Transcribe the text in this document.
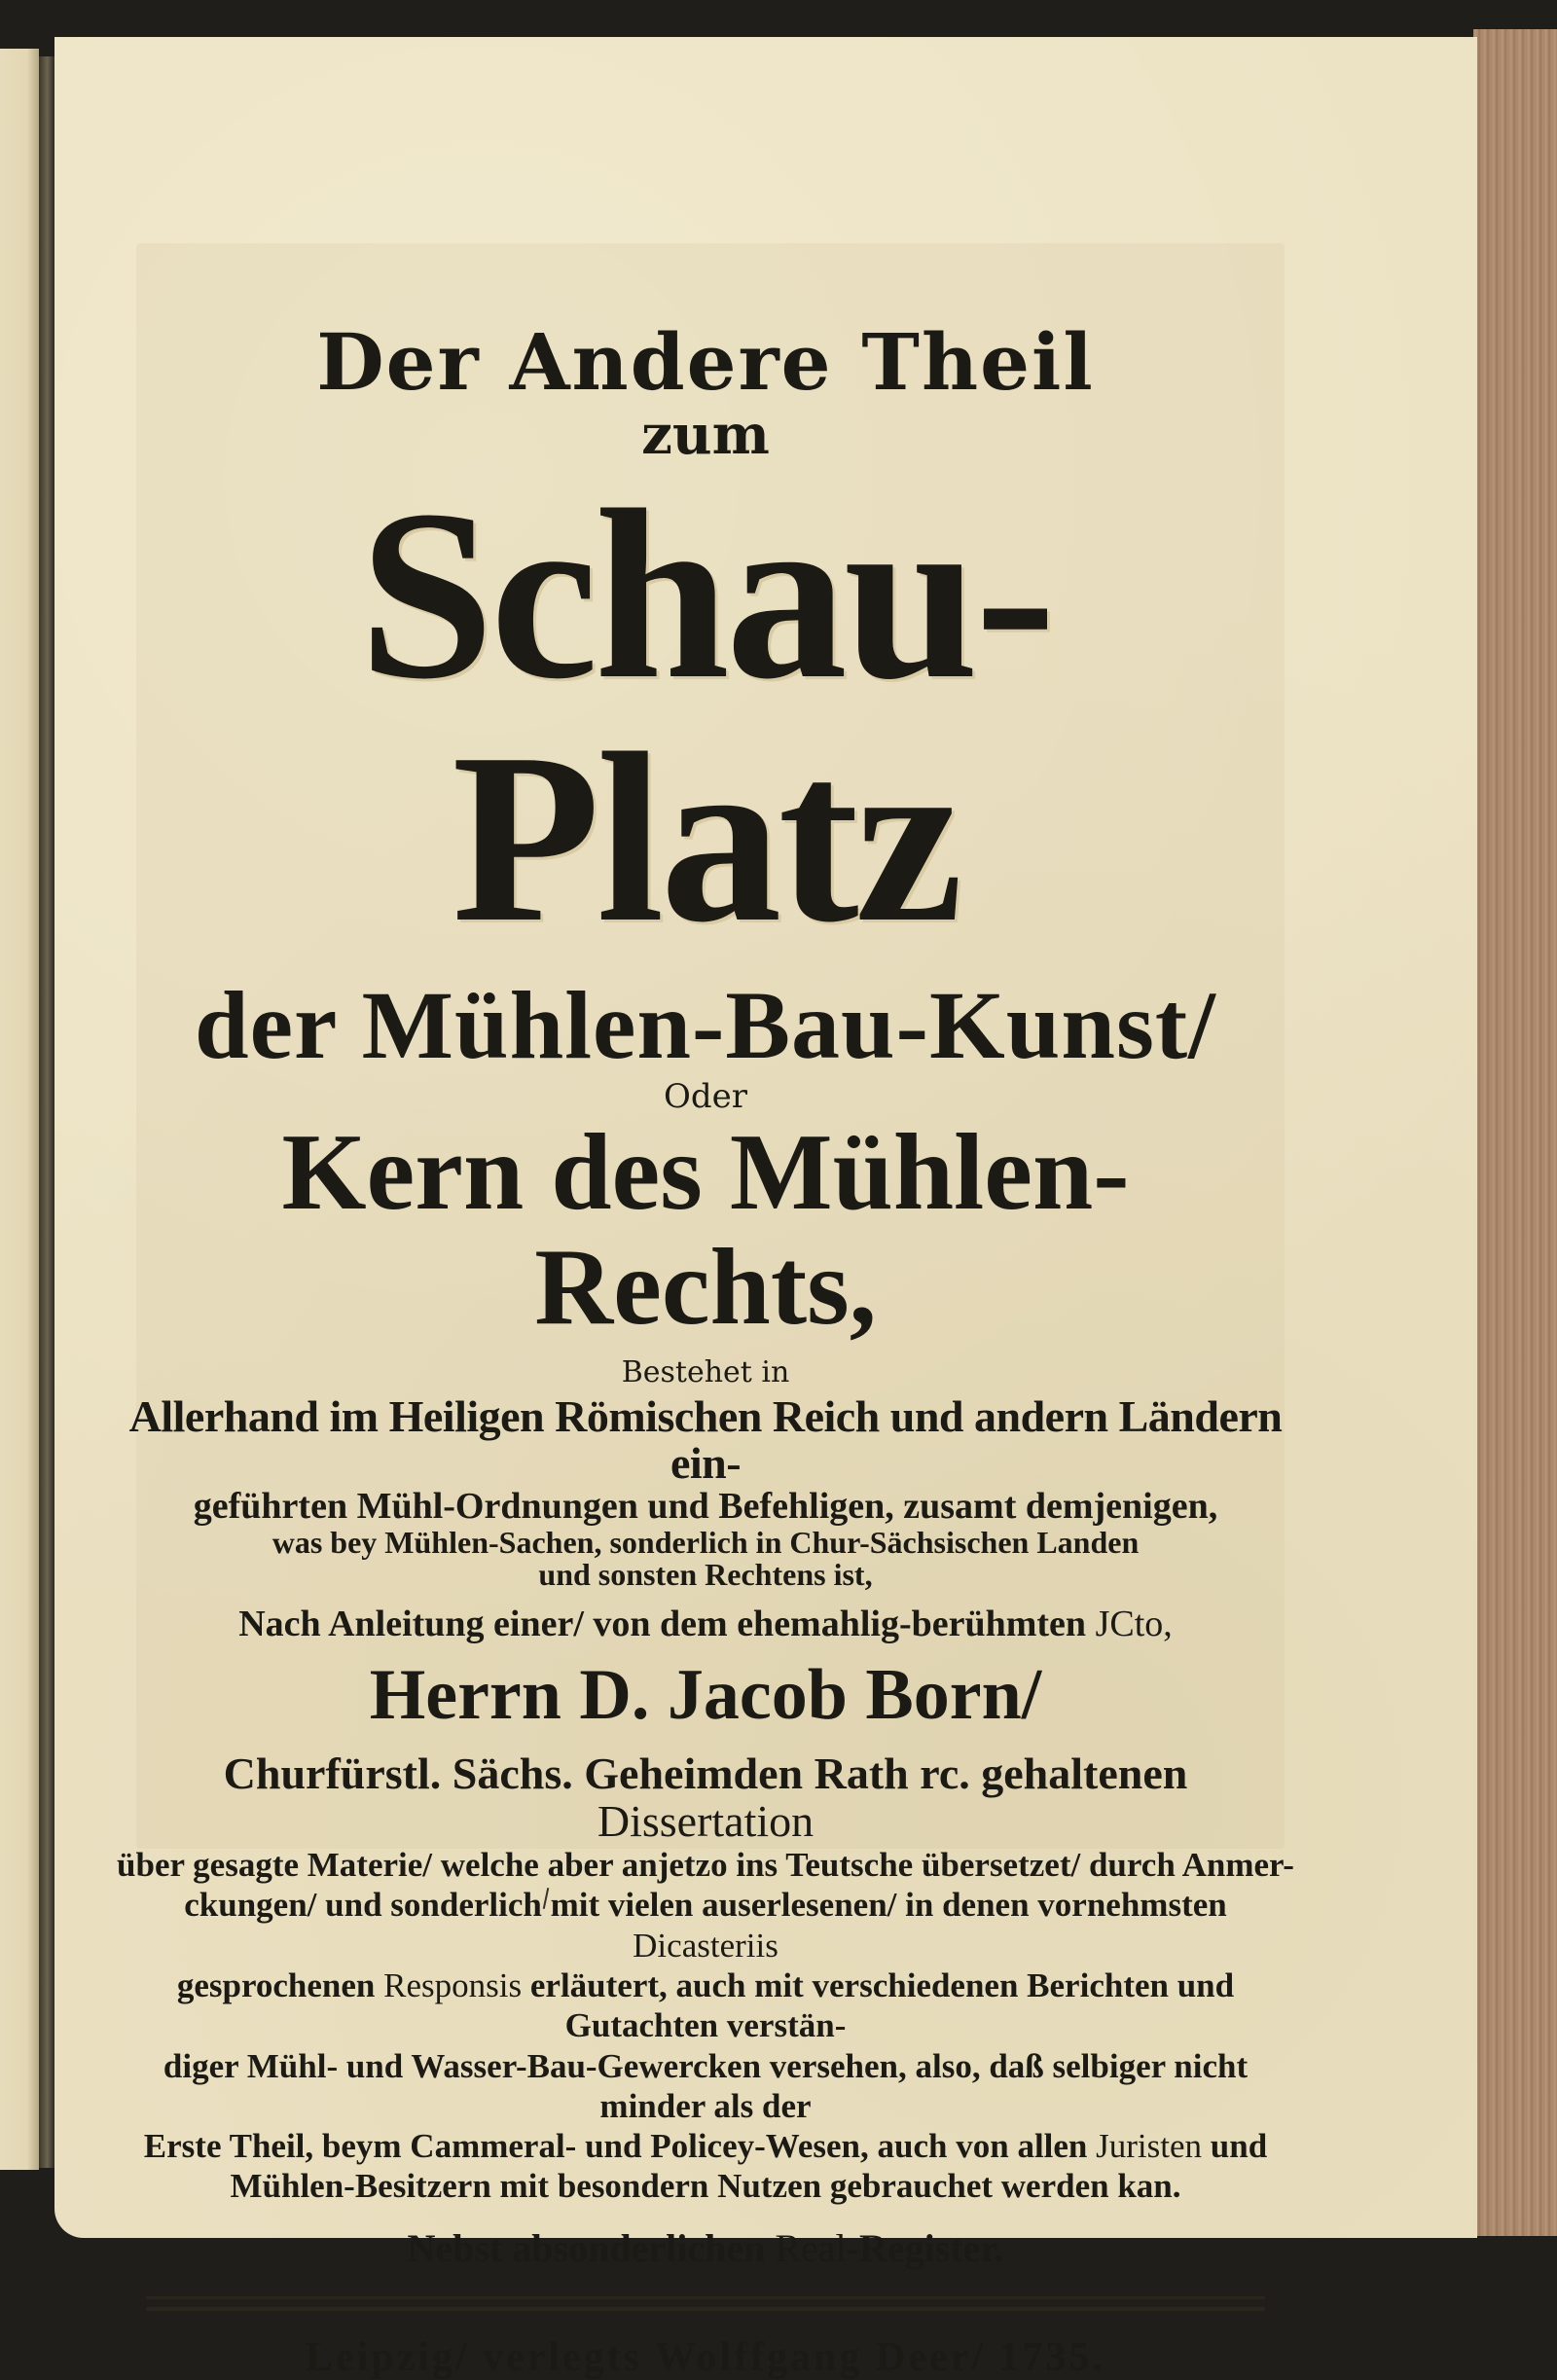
Der Andere Theil
zum
Schau-Platz
der Mühlen-Bau-Kunst/
Oder
Kern des Mühlen-Rechts,
Bestehet in
Allerhand im Heiligen Römischen Reich und andern Ländern ein-
geführten Mühl-Ordnungen und Befehligen, zusamt demjenigen,
was bey Mühlen-Sachen, sonderlich in Chur-Sächsischen Landen
und sonsten Rechtens ist,
Nach Anleitung einer/ von dem ehemahlig-berühmten JCto,
Herrn D. Jacob Born/
Churfürstl. Sächs. Geheimden Rath rc. gehaltenen Dissertation
über gesagte Materie/ welche aber anjetzo ins Teutsche übersetzet/ durch Anmer-
ckungen/ und sonderlich mit vielen auserlesenen/ in denen vornehmsten Dicasteriis
gesprochenen Responsis erläutert, auch mit verschiedenen Berichten und Gutachten verstän-
diger Mühl- und Wasser-Bau-Gewercken versehen, also, daß selbiger nicht minder als der
Erste Theil, beym Cammeral- und Policey-Wesen, auch von allen Juristen und
Mühlen-Besitzern mit besondern Nutzen gebrauchet werden kan.
Nebst absonderlichen Real-Register.
Leipzig/ verlegts Wolffgang Deer/ 1735.
